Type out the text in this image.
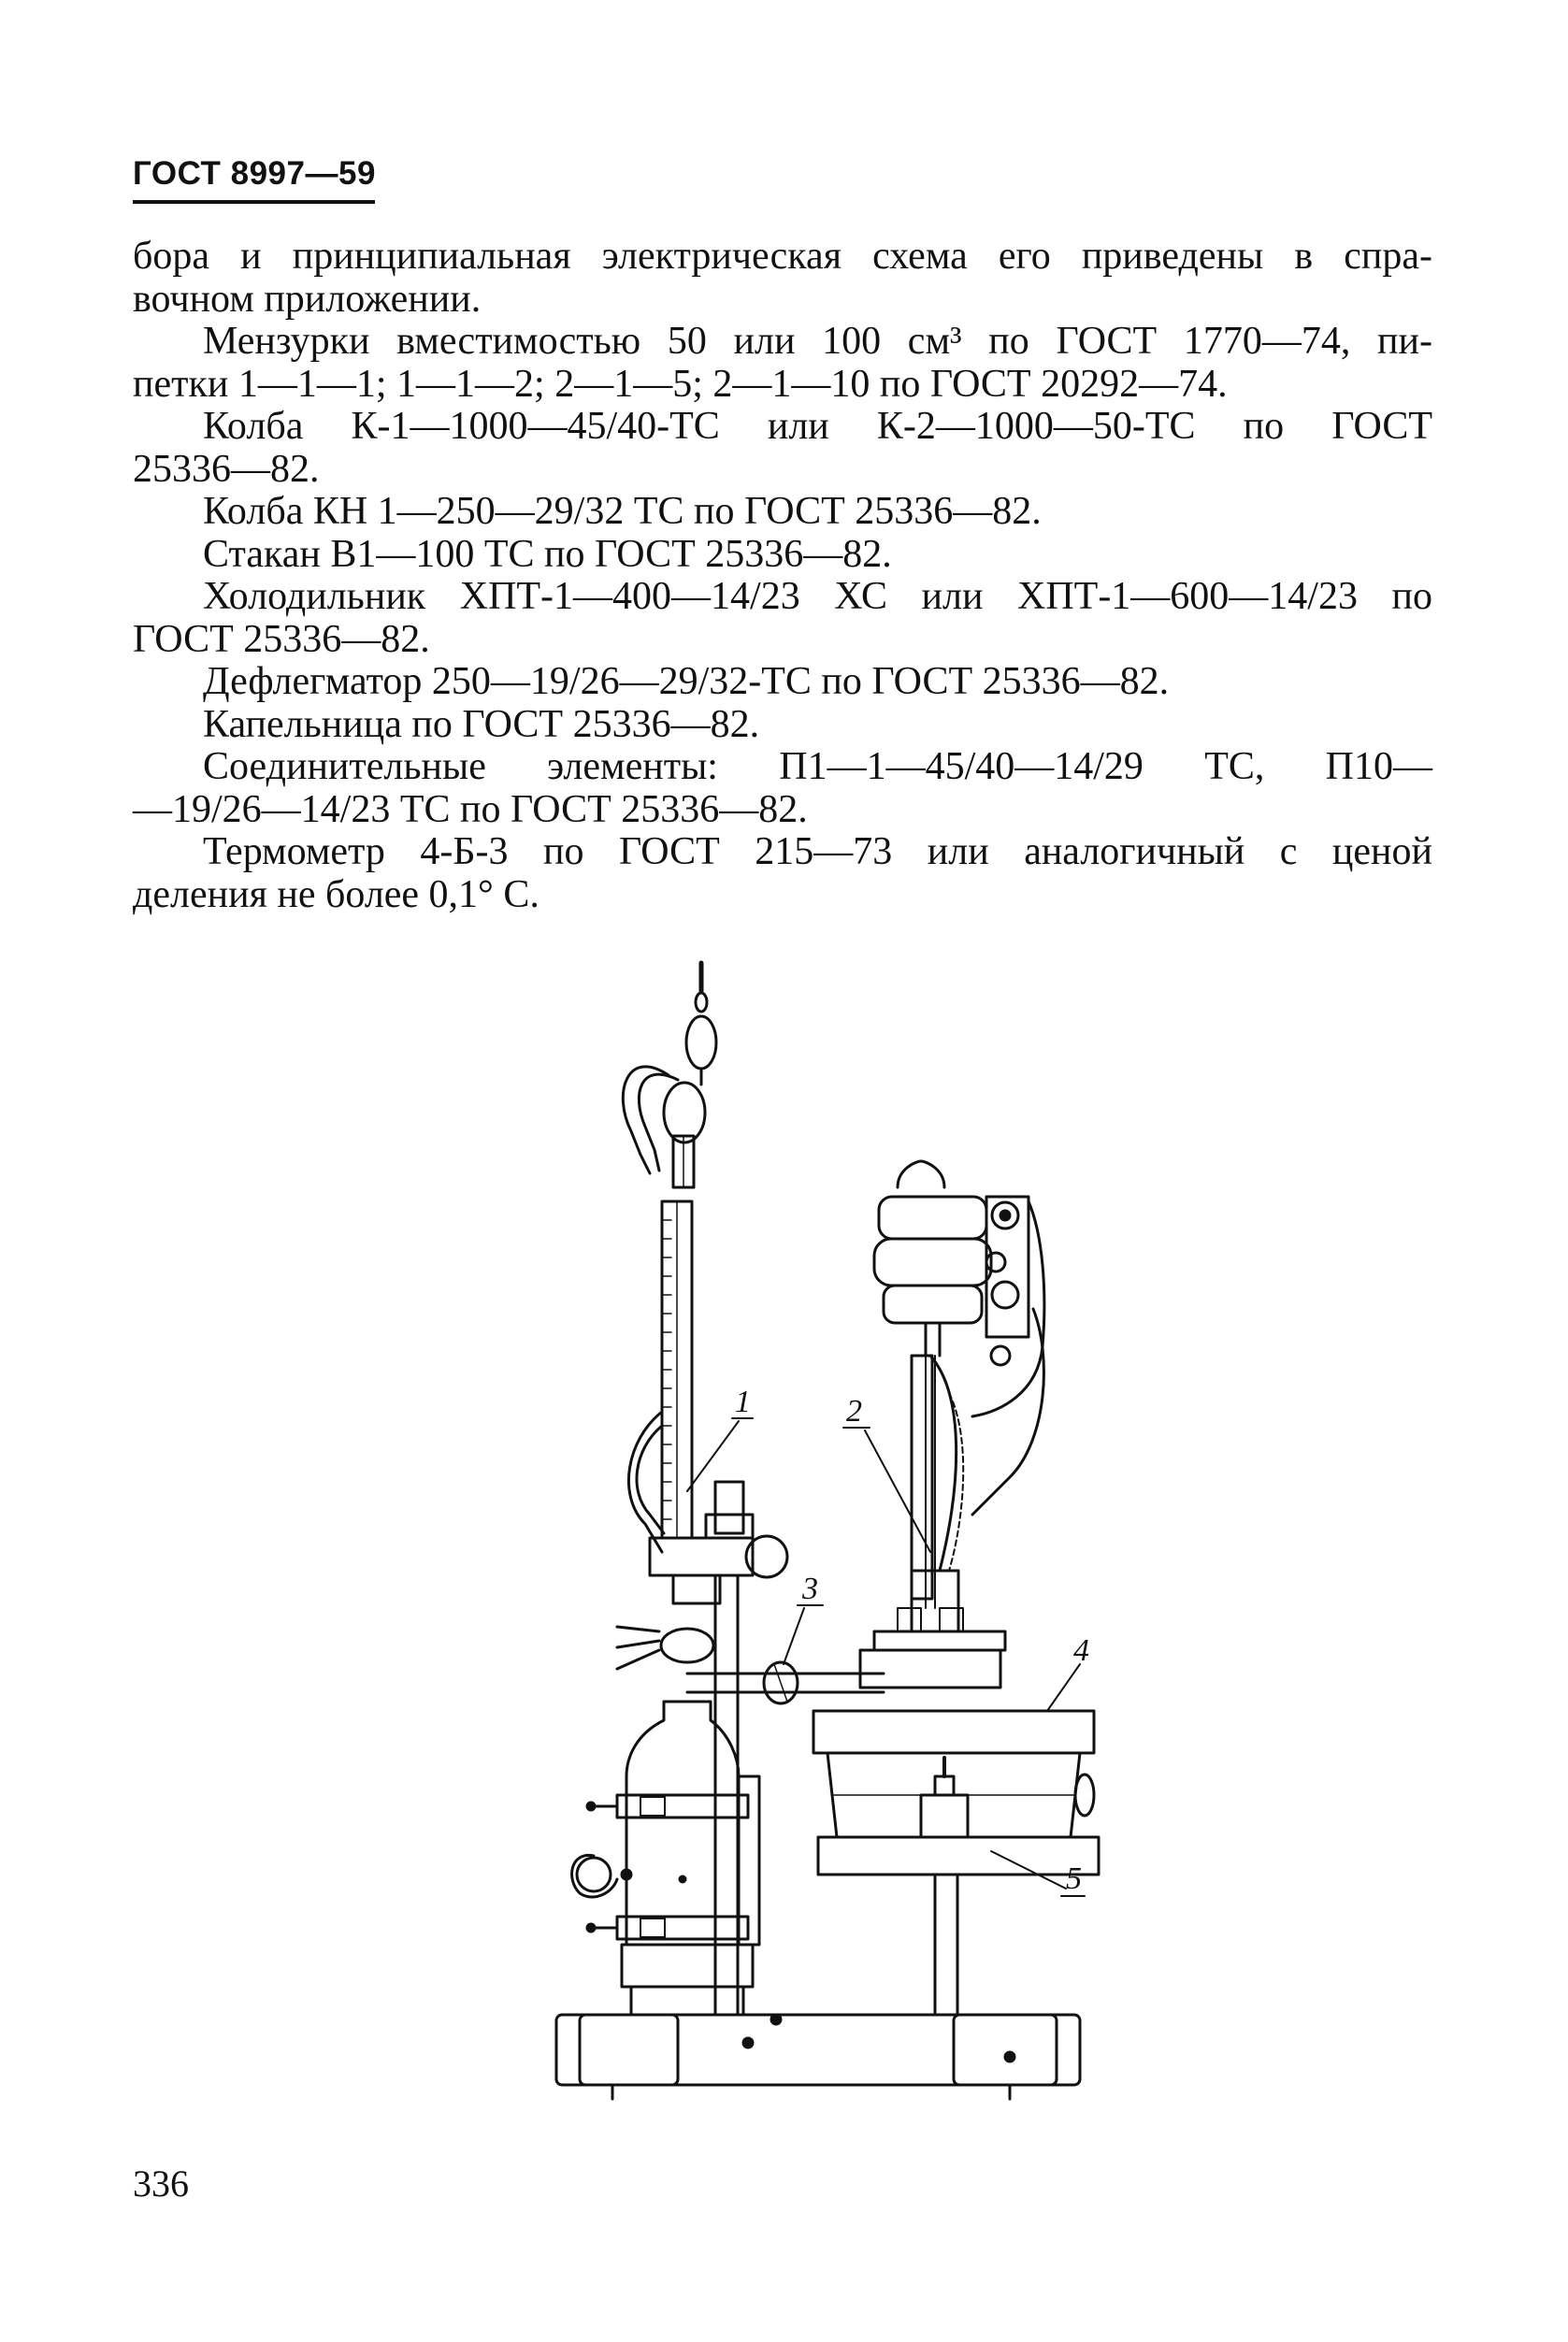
ГОСТ 8997—59
бора и принципиальная электрическая схема его приведены в спра-
вочном приложении.
Мензурки вместимостью 50 или 100 см³ по ГОСТ 1770—74, пи-
петки 1—1—1; 1—1—2; 2—1—5; 2—1—10 по ГОСТ 20292—74.
Колба К-1—1000—45/40-ТС или К-2—1000—50-ТС по ГОСТ
25336—82.
Колба КН 1—250—29/32 ТС по ГОСТ 25336—82.
Стакан В1—100 ТС по ГОСТ 25336—82.
Холодильник ХПТ-1—400—14/23 ХС или ХПТ-1—600—14/23 по
ГОСТ 25336—82.
Дефлегматор 250—19/26—29/32-ТС по ГОСТ 25336—82.
Капельница по ГОСТ 25336—82.
Соединительные элементы: П1—1—45/40—14/29 ТС, П10—
—19/26—14/23 ТС по ГОСТ 25336—82.
Термометр 4-Б-3 по ГОСТ 215—73 или аналогичный с ценой
деления не более 0,1° С.
1
3
2
4
5
336
